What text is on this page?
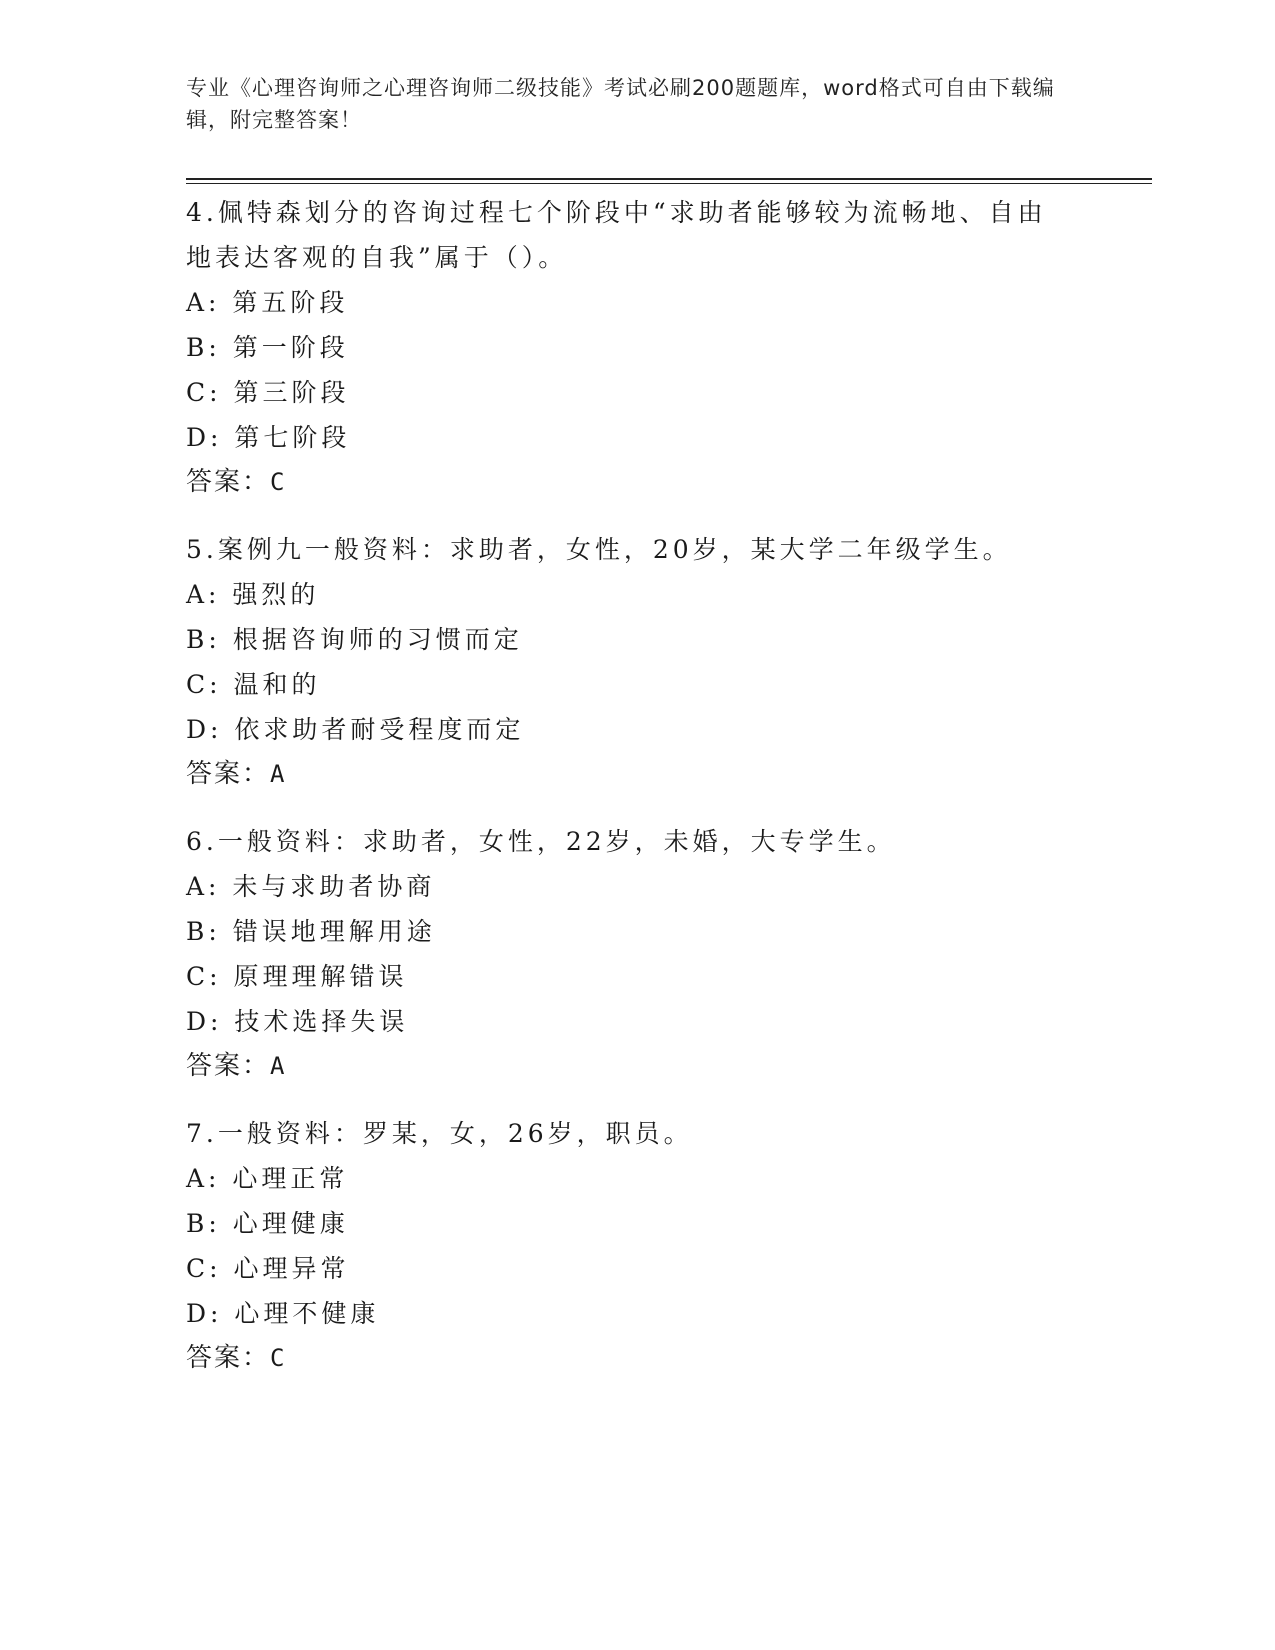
专业《心理咨询师之心理咨询师二级技能》考试必刷200题题库，word格式可自由下载编辑，附完整答案！

4.佩特森划分的咨询过程七个阶段中“求助者能够较为流畅地、自由地表达客观的自我”属于（）。

A: 第五阶段

B: 第一阶段

C: 第三阶段

D: 第七阶段

答案：C

5.案例九一般资料：求助者，女性，20岁，某大学二年级学生。

A: 强烈的

B: 根据咨询师的习惯而定

C: 温和的

D: 依求助者耐受程度而定

答案：A

6.一般资料：求助者，女性，22岁，未婚，大专学生。

A: 未与求助者协商

B: 错误地理解用途

C: 原理理解错误

D: 技术选择失误

答案：A

7.一般资料：罗某，女，26岁，职员。

A: 心理正常

B: 心理健康

C: 心理异常

D: 心理不健康

答案：C
